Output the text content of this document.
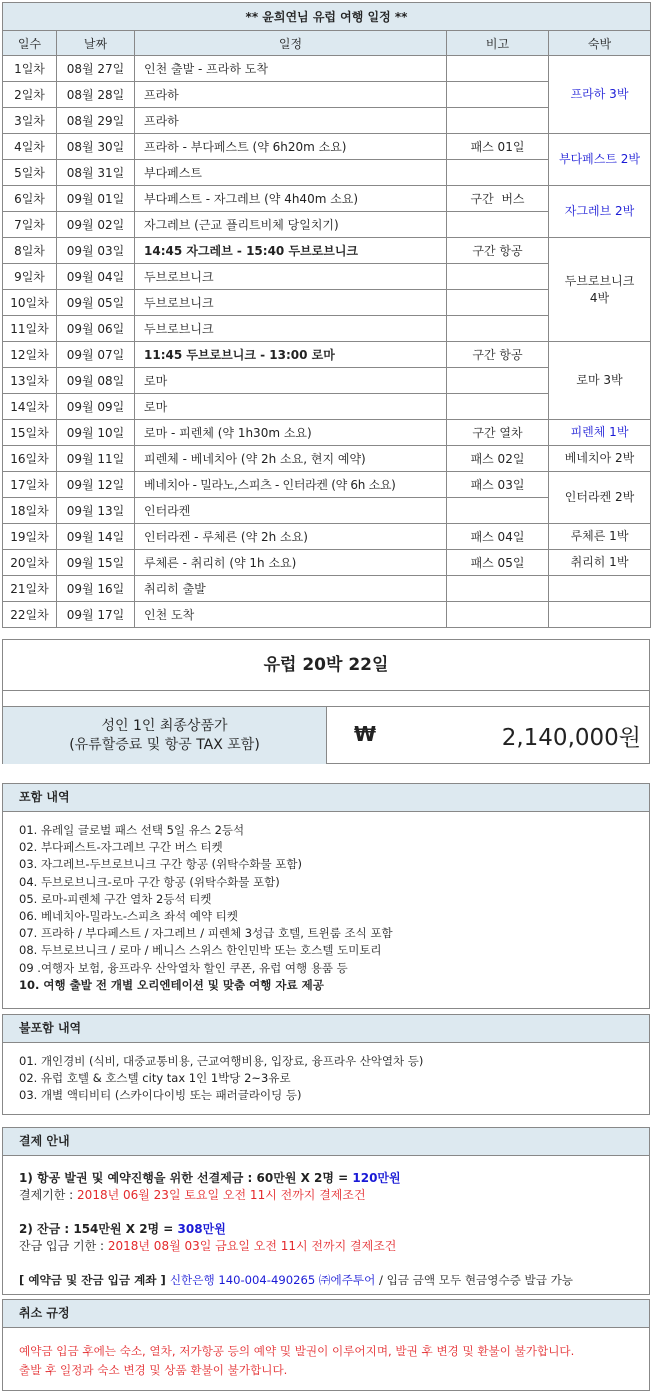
** 윤희연님 유럽 여행 일정 **				
일수	날짜	일정	비고	숙박
1일차	08월 27일	인천 출발 - 프라하 도착		프라하 3박
2일차	08월 28일	프라하		
3일차	08월 29일	프라하		
4일차	08월 30일	프라하 - 부다페스트 (약 6h20m 소요)	패스 01일	부다페스트 2박
5일차	08월 31일	부다페스트		
6일차	09월 01일	부다페스트 - 자그레브 (약 4h40m 소요)	구간  버스	자그레브 2박
7일차	09월 02일	자그레브 (근교 플리트비체 당일치기)		
8일차	09월 03일	14:45 자그레브 - 15:40 두브로브니크	구간 항공	두브로브니크 4박
9일차	09월 04일	두브로브니크		
10일차	09월 05일	두브로브니크		
11일차	09월 06일	두브로브니크		
12일차	09월 07일	11:45 두브로브니크 - 13:00 로마	구간 항공	로마 3박
13일차	09월 08일	로마		
14일차	09월 09일	로마		
15일차	09월 10일	로마 - 피렌체 (약 1h30m 소요)	구간 열차	피렌체 1박
16일차	09월 11일	피렌체 - 베네치아 (약 2h 소요, 현지 예약)	패스 02일	베네치아 2박
17일차	09월 12일	베네치아 - 밀라노,스피츠 - 인터라켄 (약 6h 소요)	패스 03일	인터라켄 2박
18일차	09월 13일	인터라켄		
19일차	09월 14일	인터라켄 - 루체른 (약 2h 소요)	패스 04일	루체른 1박
20일차	09월 15일	루체른 - 취리히 (약 1h 소요)	패스 05일	취리히 1박
21일차	09월 16일	취리히 출발		
22일차	09월 17일	인천 도착		
유럽 20박 22일
성인 1인 최종상품가
(유류할증료 및 항공 TAX 포함)	₩	2,140,000원
포함 내역
01. 유레일 글로벌 패스 선택 5일 유스 2등석
02. 부다페스트-자그레브 구간 버스 티켓
03. 자그레브-두브로브니크 구간 항공 (위탁수화물 포함)
04. 두브로브니크-로마 구간 항공 (위탁수화물 포함)
05. 로마-피렌체 구간 열차 2등석 티켓
06. 베네치아-밀라노-스피츠 좌석 예약 티켓
07. 프라하 / 부다페스트 / 자그레브 / 피렌체 3성급 호텔, 트윈룸 조식 포함
08. 두브로브니크 / 로마 / 베니스 스위스 한인민박 또는 호스텔 도미토리
09 .여행자 보험, 융프라우 산악열차 할인 쿠폰, 유럽 여행 용품 등
10. 여행 출발 전 개별 오리엔테이션 및 맞춤 여행 자료 제공
불포함 내역
01. 개인경비 (식비, 대중교통비용, 근교여행비용, 입장료, 융프라우 산악열차 등)
02. 유럽 호텔 & 호스텔 city tax 1인 1박당 2~3유로
03. 개별 액티비티 (스카이다이빙 또는 패러글라이딩 등)
결제 안내
1) 항공 발권 및 예약진행을 위한 선결제금 : 60만원 X 2명 = 120만원
결제기한 : 2018년 06월 23일 토요일 오전 11시 전까지 결제조건
2) 잔금 : 154만원 X 2명 = 308만원
잔금 입금 기한 : 2018년 08월 03일 금요일 오전 11시 전까지 결제조건
[ 예약금 및 잔금 입금 계좌 ] 신한은행 140-004-490265 ㈜에주투어 / 입금 금액 모두 현금영수증 발급 가능
취소 규정
예약금 입금 후에는 숙소, 열차, 저가항공 등의 예약 및 발권이 이루어지며, 발권 후 변경 및 환불이 불가합니다.
출발 후 일정과 숙소 변경 및 상품 환불이 불가합니다.
